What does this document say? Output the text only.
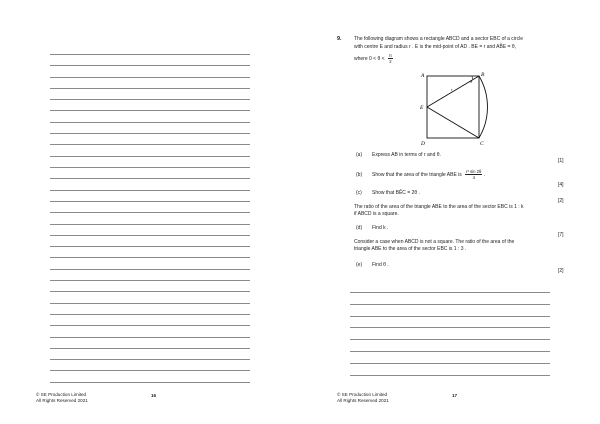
© SE Production Limited
All Rights Reserved 2021
16
9.	The following diagram shows a rectangle ABCD and a sector EBC of a circle
with centre E and radius r . E is the mid-point of AD . BE = r and AB̂E = θ,
where $0 < \theta < \frac{\pi}{2}$
A	B
C
D
E
θ
r
(a) Express AB in terms of r and θ.
[1]
(b) Show that the area of the triangle ABE is $\frac{\text{r² sin 2θ}}{4}$ .
[4]
(c) Show that BÊC = 2θ .
[2]
The ratio of the area of the triangle ABE to the area of the sector EBC is 1 : k
if ABCD is a square.
(d) Find k .
[7]
Consider a case when ABCD is not a square. The ratio of the area of the
triangle ABE to the area of the sector EBC is 1 : 3 .
(e) Find θ .
[2]
© SE Production Limited
All Rights Reserved 2021
17
